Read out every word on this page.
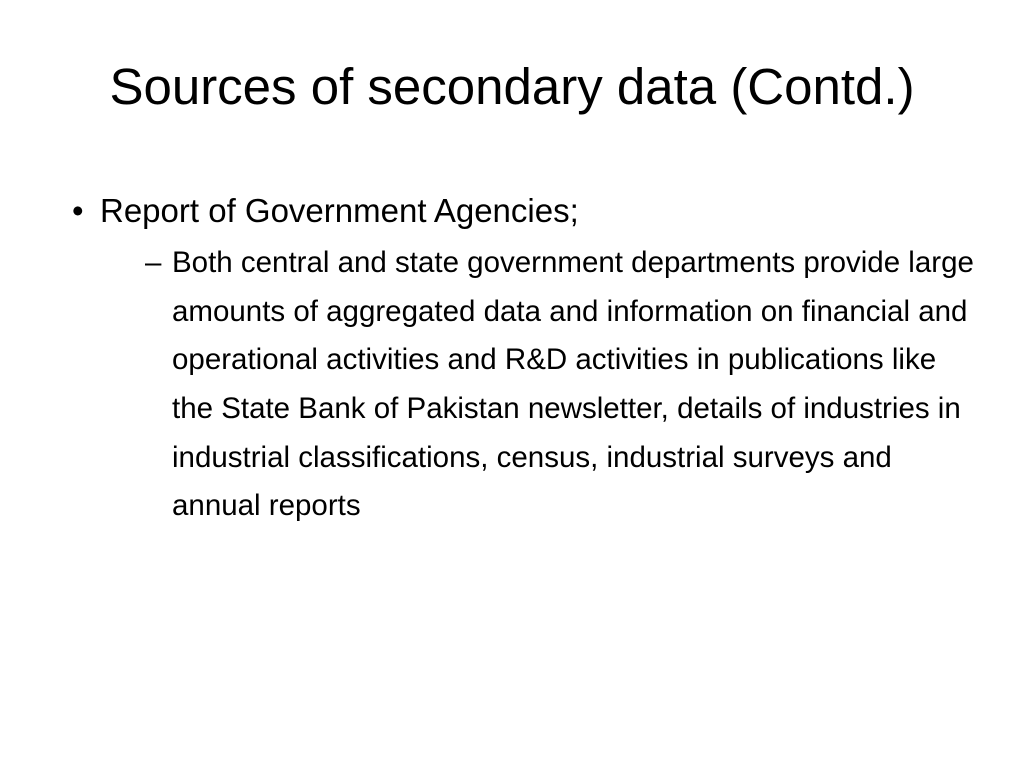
Sources of secondary data (Contd.)
• Report of Government Agencies;
– Both central and state government departments provide large amounts of aggregated data and information on financial and operational activities and R&D activities in publications like the State Bank of Pakistan newsletter, details of industries in industrial classifications, census, industrial surveys and annual reports
